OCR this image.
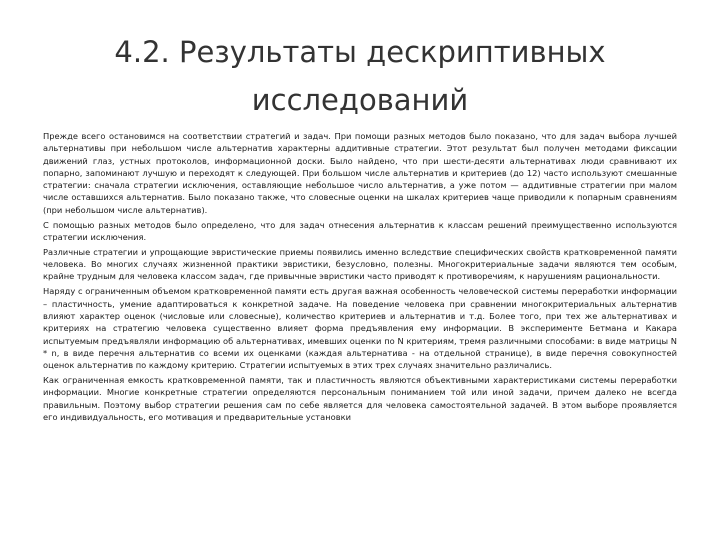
4.2. Результаты дескриптивных
исследований

Прежде всего остановимся на соответствии стратегий и задач. При помощи разных методов было показано, что для задач выбора лучшей альтернативы при небольшом числе альтернатив характерны аддитивные стратегии. Этот результат был получен методами фиксации движений глаз, устных протоколов, информационной доски. Было найдено, что при шести-десяти альтернативах люди сравнивают их попарно, запоминают лучшую и переходят к следующей. При большом числе альтернатив и критериев (до 12) часто используют смешанные стратегии: сначала стратегии исключения, оставляющие небольшое число альтернатив, а уже потом — аддитивные стратегии при малом числе оставшихся альтернатив. Было показано также, что словесные оценки на шкалах критериев чаще приводили к попарным сравнениям (при небольшом числе альтернатив).

С помощью разных методов было определено, что для задач отнесения альтернатив к классам решений преимущественно используются стратегии исключения.

Различные стратегии и упрощающие эвристические приемы появились именно вследствие специфических свойств кратковременной памяти человека. Во многих случаях жизненной практики эвристики, безусловно, полезны. Многокритериальные задачи являются тем особым, крайне трудным для человека классом задач, где привычные эвристики часто приводят к противоречиям, к нарушениям рациональности.

Наряду с ограниченным объемом кратковременной памяти есть другая важная особенность человеческой системы переработки информации – пластичность, умение адаптироваться к конкретной задаче. На поведение человека при сравнении многокритериальных альтернатив влияют характер оценок (числовые или словесные), количество критериев и альтернатив и т.д. Более того, при тех же альтернативах и критериях на стратегию человека существенно влияет форма предъявления ему информации. В эксперименте Бетмана и Какара испытуемым предъявляли информацию об альтернативах, имевших оценки по N критериям, тремя различными способами: в виде матрицы N * n, в виде перечня альтернатив со всеми их оценками (каждая альтернатива - на отдельной странице), в виде перечня совокупностей оценок альтернатив по каждому критерию. Стратегии испытуемых в этих трех случаях значительно различались.

Как ограниченная емкость кратковременной памяти, так и пластичность являются объективными характеристиками системы переработки информации. Многие конкретные стратегии определяются персональным пониманием той или иной задачи, причем далеко не всегда правильным. Поэтому выбор стратегии решения сам по себе является для человека самостоятельной задачей. В этом выборе проявляется его индивидуальность, его мотивация и предварительные установки
